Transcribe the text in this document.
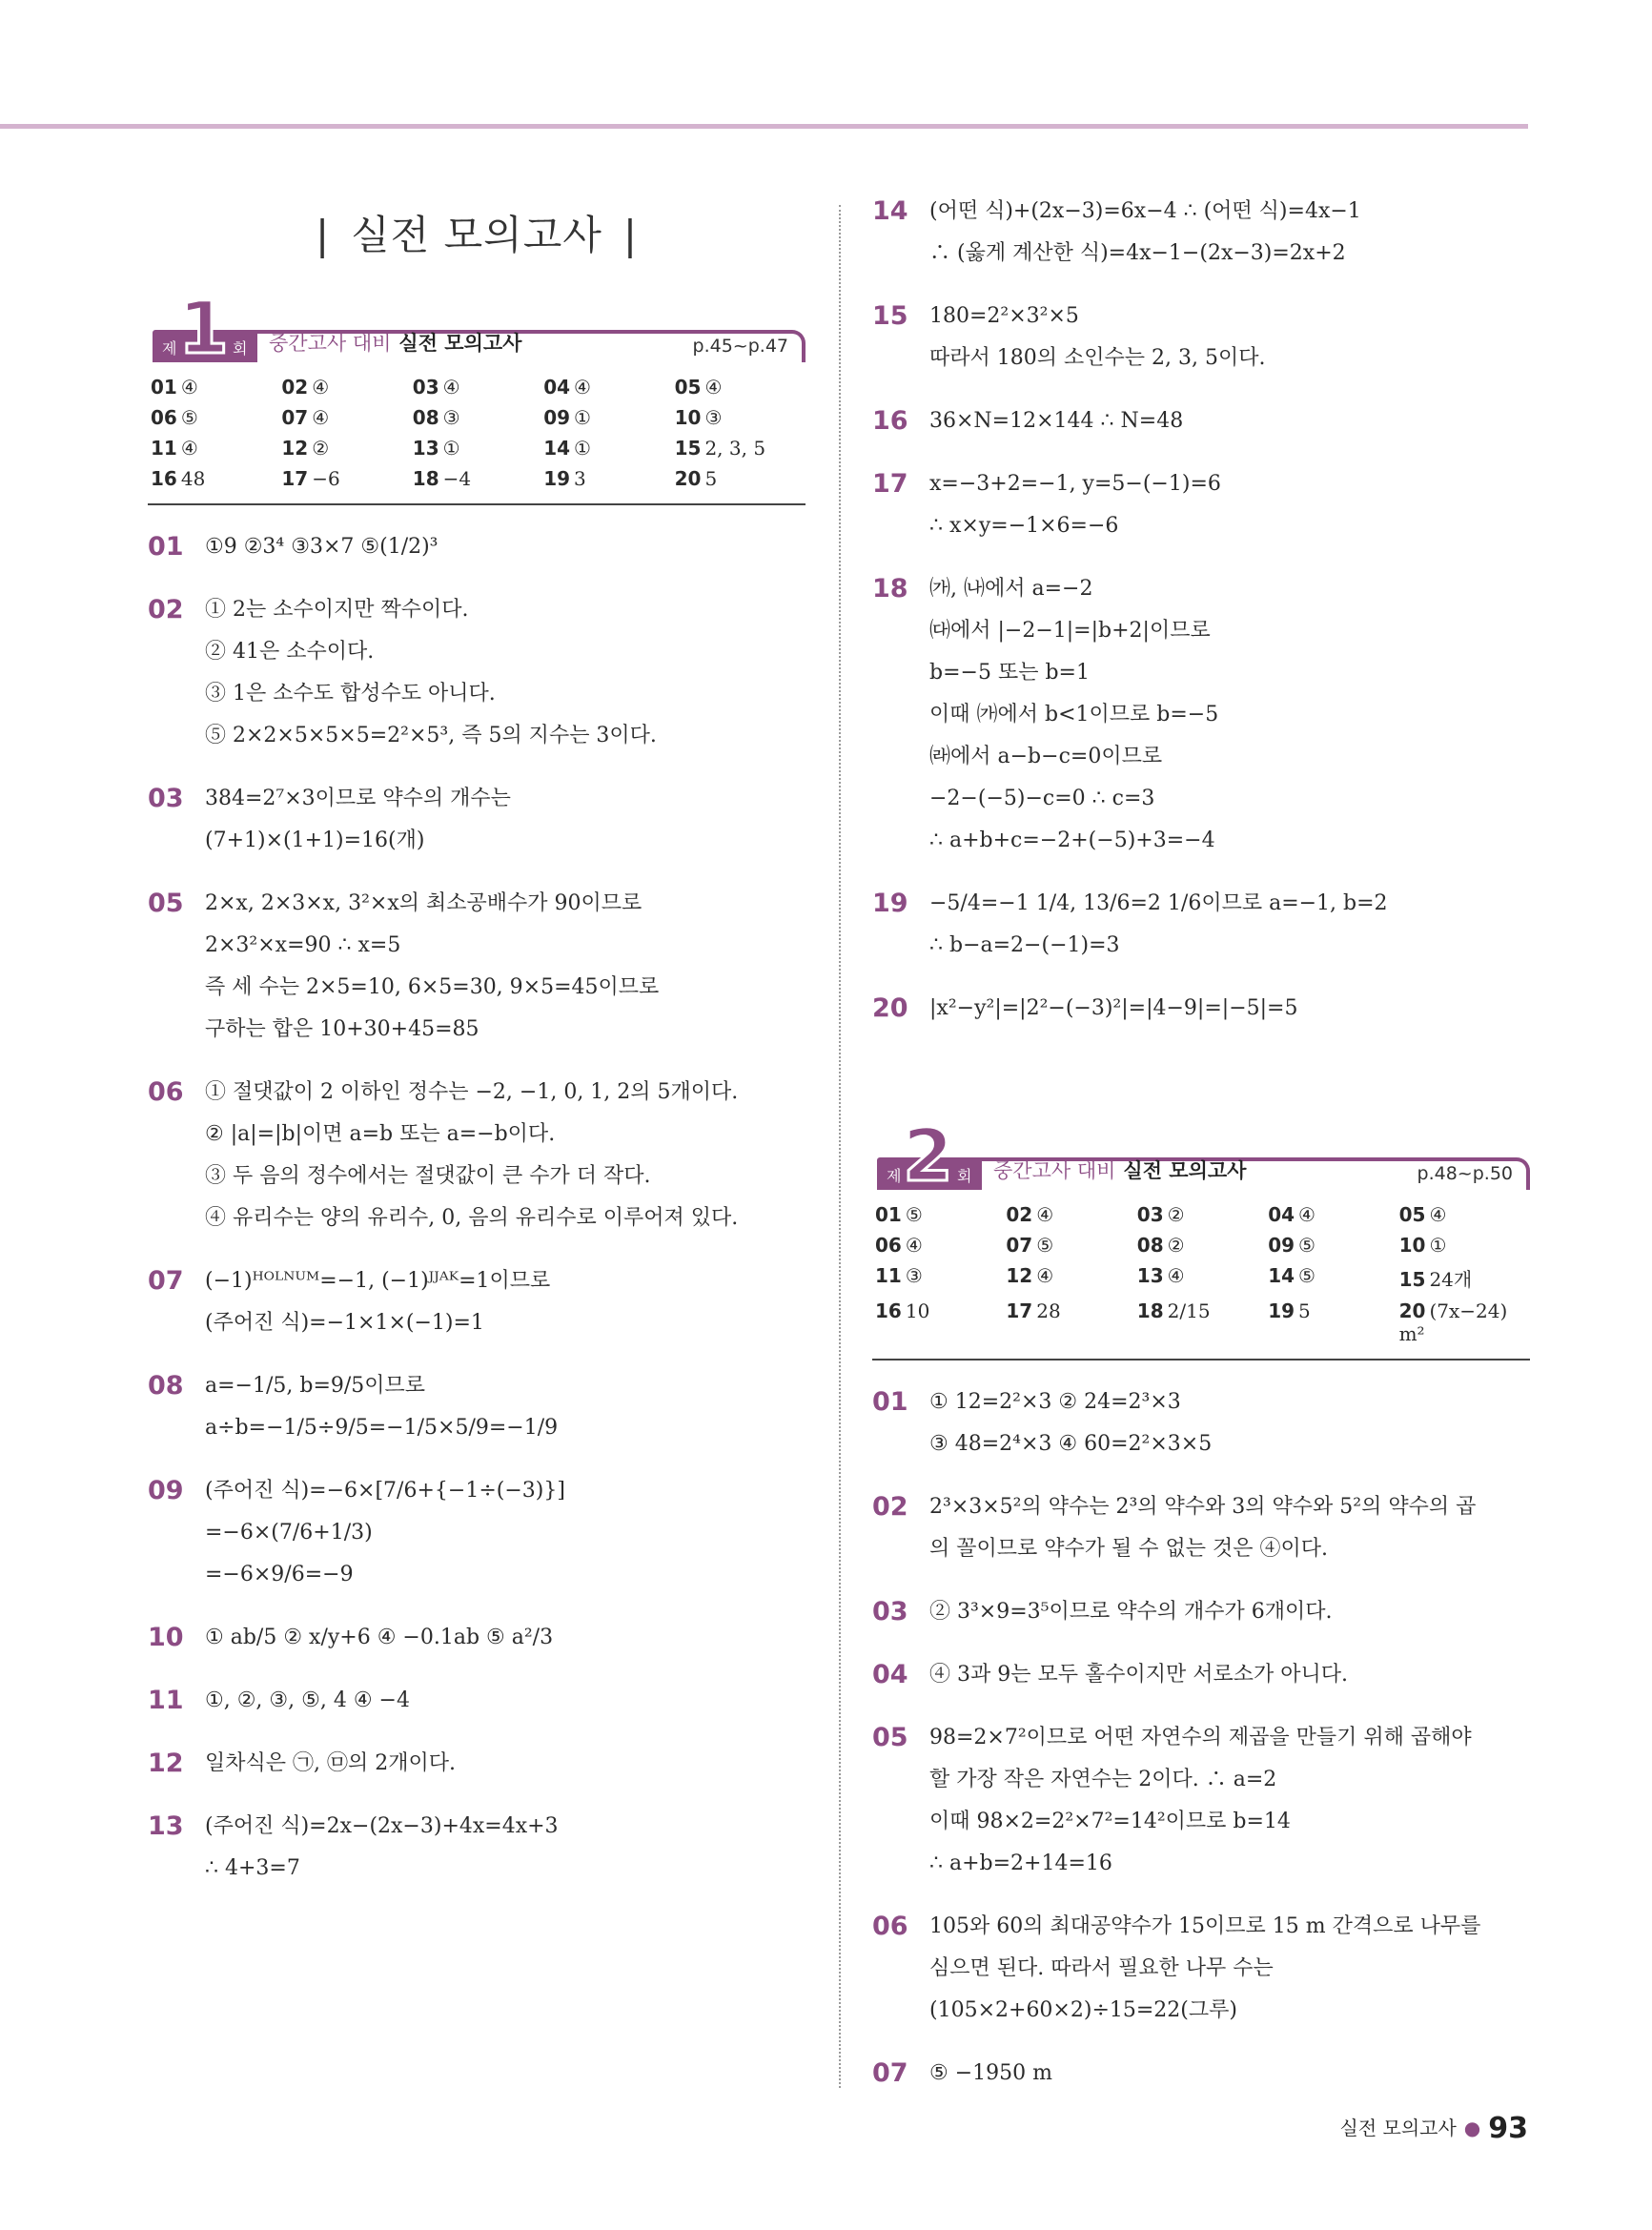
| 실전 모의고사 |
1
제	회 중간고사 대비 실전 모의고사	p.45~p.47
01 ④	02 ④	03 ④	04 ④	05 ④
06 ⑤	07 ④	08 ③	09 ①	10 ③
11 ④	12 ②	13 ①	14 ①	15 2, 3, 5
16 48	17 −6	18 −4	19 3	20 5
01	①9 ②3⁴ ③3×7 ⑤(1/2)³
02	① 2는 소수이지만 짝수이다.
② 41은 소수이다.
③ 1은 소수도 합성수도 아니다.
⑤ 2×2×5×5×5=2²×5³, 즉 5의 지수는 3이다.
03	384=2⁷×3이므로 약수의 개수는
(7+1)×(1+1)=16(개)
05	2×x, 2×3×x, 3²×x의 최소공배수가 90이므로
2×3²×x=90 ∴ x=5
즉 세 수는 2×5=10, 6×5=30, 9×5=45이므로
구하는 합은 10+30+45=85
06	① 절댓값이 2 이하인 정수는 −2, −1, 0, 1, 2의 5개이다.
② |a|=|b|이면 a=b 또는 a=−b이다.
③ 두 음의 정수에서는 절댓값이 큰 수가 더 작다.
④ 유리수는 양의 유리수, 0, 음의 유리수로 이루어져 있다.
07	(−1)ᴴᴼᴸᴺᵁᴹ=−1, (−1)ᴶᴶᴬᴷ=1이므로
(주어진 식)=−1×1×(−1)=1
08	a=−1/5, b=9/5이므로
a÷b=−1/5÷9/5=−1/5×5/9=−1/9
09	(주어진 식)=−6×[7/6+{−1÷(−3)}]
=−6×(7/6+1/3)
=−6×9/6=−9
10	① ab/5 ② x/y+6 ④ −0.1ab ⑤ a²/3
11	①, ②, ③, ⑤, 4 ④ −4
12	일차식은 ㉠, ㉤의 2개이다.
13	(주어진 식)=2x−(2x−3)+4x=4x+3
∴ 4+3=7
14	(어떤 식)+(2x−3)=6x−4 ∴ (어떤 식)=4x−1
∴ (옳게 계산한 식)=4x−1−(2x−3)=2x+2
15	180=2²×3²×5
따라서 180의 소인수는 2, 3, 5이다.
16	36×N=12×144 ∴ N=48
17	x=−3+2=−1, y=5−(−1)=6
∴ x×y=−1×6=−6
18	㈎, ㈏에서 a=−2
㈐에서 |−2−1|=|b+2|이므로
b=−5 또는 b=1
이때 ㈎에서 b<1이므로 b=−5
㈑에서 a−b−c=0이므로
−2−(−5)−c=0 ∴ c=3
∴ a+b+c=−2+(−5)+3=−4
19	−5/4=−1 1/4, 13/6=2 1/6이므로 a=−1, b=2
∴ b−a=2−(−1)=3
20	|x²−y²|=|2²−(−3)²|=|4−9|=|−5|=5
2
제	회 중간고사 대비 실전 모의고사	p.48~p.50
01 ⑤	02 ④	03 ②	04 ④	05 ④
06 ④	07 ⑤	08 ②	09 ⑤	10 ①
11 ③	12 ④	13 ④	14 ⑤	15 24개
16 10	17 28	18 2/15	19 5	20 (7x−24) m²
01	① 12=2²×3 ② 24=2³×3
③ 48=2⁴×3 ④ 60=2²×3×5
02	2³×3×5²의 약수는 2³의 약수와 3의 약수와 5²의 약수의 곱
의 꼴이므로 약수가 될 수 없는 것은 ④이다.
03	② 3³×9=3⁵이므로 약수의 개수가 6개이다.
04	④ 3과 9는 모두 홀수이지만 서로소가 아니다.
05	98=2×7²이므로 어떤 자연수의 제곱을 만들기 위해 곱해야
할 가장 작은 자연수는 2이다. ∴ a=2
이때 98×2=2²×7²=14²이므로 b=14
∴ a+b=2+14=16
06	105와 60의 최대공약수가 15이므로 15 m 간격으로 나무를
심으면 된다. 따라서 필요한 나무 수는
(105×2+60×2)÷15=22(그루)
07	⑤ −1950 m
실전 모의고사 ● 93
